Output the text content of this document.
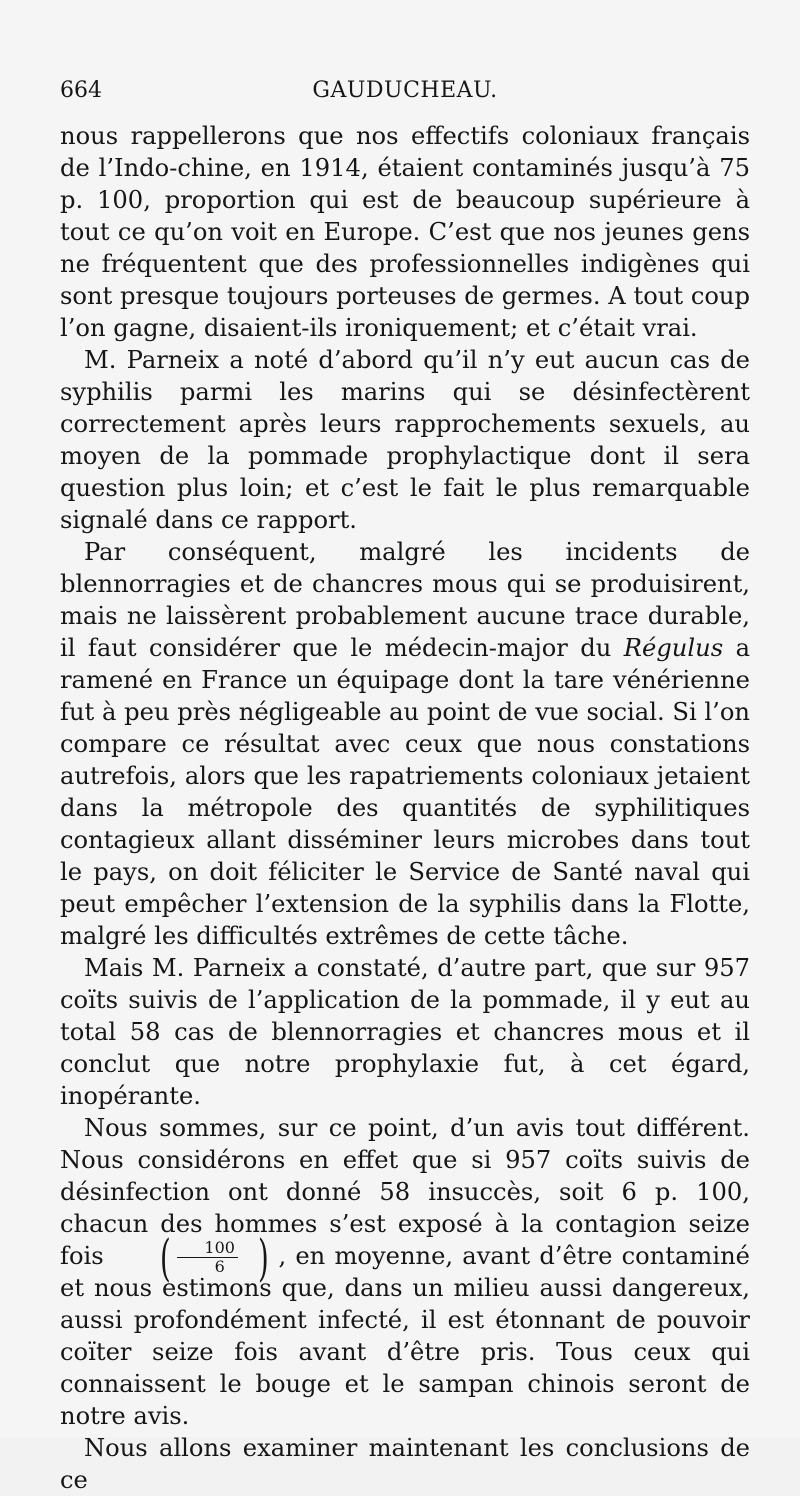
664	GAUDUCHEAU.

nous rappellerons que nos effectifs coloniaux français de l’Indo-chine, en 1914, étaient contaminés jusqu’à 75 p. 100, proportion qui est de beaucoup supérieure à tout ce qu’on voit en Europe. C’est que nos jeunes gens ne fréquentent que des professionnelles indigènes qui sont presque toujours porteuses de germes. A tout coup l’on gagne, disaient-ils ironiquement; et c’était vrai.

M. Parneix a noté d’abord qu’il n’y eut aucun cas de syphilis parmi les marins qui se désinfectèrent correctement après leurs rapprochements sexuels, au moyen de la pommade prophylactique dont il sera question plus loin; et c’est le fait le plus remarquable signalé dans ce rapport.

Par conséquent, malgré les incidents de blennorragies et de chancres mous qui se produisirent, mais ne laissèrent probablement aucune trace durable, il faut considérer que le médecin-major du Régulus a ramené en France un équipage dont la tare vénérienne fut à peu près négligeable au point de vue social. Si l’on compare ce résultat avec ceux que nous constations autrefois, alors que les rapatriements coloniaux jetaient dans la métropole des quantités de syphilitiques contagieux allant disséminer leurs microbes dans tout le pays, on doit féliciter le Service de Santé naval qui peut empêcher l’extension de la syphilis dans la Flotte, malgré les difficultés extrêmes de cette tâche.

Mais M. Parneix a constaté, d’autre part, que sur 957 coïts suivis de l’application de la pommade, il y eut au total 58 cas de blennorragies et chancres mous et il conclut que notre prophylaxie fut, à cet égard, inopérante.

Nous sommes, sur ce point, d’un avis tout différent. Nous considérons en effet que si 957 coïts suivis de désinfection ont donné 58 insuccès, soit 6 p. 100, chacun des hommes s’est exposé à la contagion seize fois ( $\frac{100}{6}$ ) , en moyenne, avant d’être contaminé et nous estimons que, dans un milieu aussi dangereux, aussi profondément infecté, il est étonnant de pouvoir coïter seize fois avant d’être pris. Tous ceux qui connaissent le bouge et le sampan chinois seront de notre avis.

Nous allons examiner maintenant les conclusions de ce
